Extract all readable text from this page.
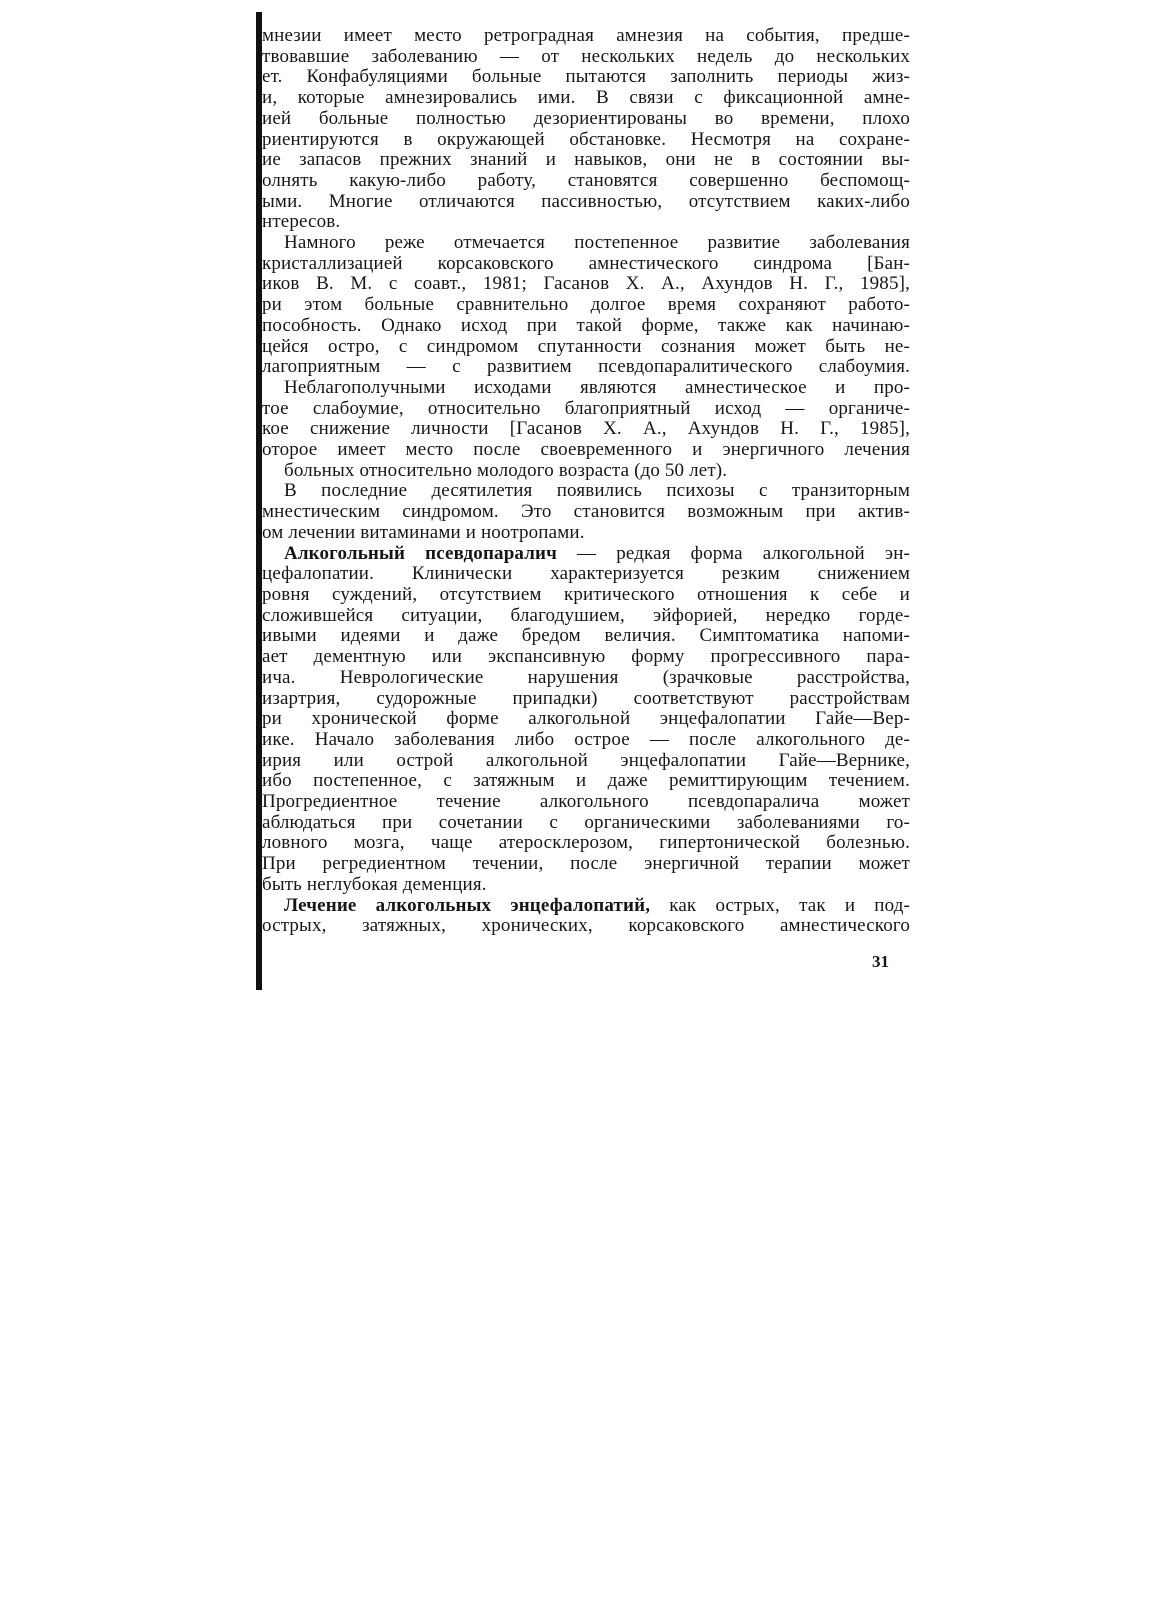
мнезии имеет место ретроградная амнезия на события, предше-
твовавшие заболеванию — от нескольких недель до нескольких
ет. Конфабуляциями больные пытаются заполнить периоды жиз-
и, которые амнезировались ими. В связи с фиксационной амне-
ией больные полностью дезориентированы во времени, плохо
риентируются в окружающей обстановке. Несмотря на сохране-
ие запасов прежних знаний и навыков, они не в состоянии вы-
олнять какую-либо работу, становятся совершенно беспомощ-
ыми. Многие отличаются пассивностью, отсутствием каких-либо
нтересов.
Намного реже отмечается постепенное развитие заболевания
кристаллизацией корсаковского амнестического синдрома [Бан-
иков В. М. с соавт., 1981; Гасанов Х. А., Ахундов Н. Г., 1985],
ри этом больные сравнительно долгое время сохраняют работо-
пособность. Однако исход при такой форме, также как начинаю-
цейся остро, с синдромом спутанности сознания может быть не-
лагоприятным — с развитием псевдопаралитического слабоумия.
Неблагополучными исходами являются амнестическое и про-
тое слабоумие, относительно благоприятный исход — органиче-
кое снижение личности [Гасанов Х. А., Ахундов Н. Г., 1985],
оторое имеет место после своевременного и энергичного лечения
больных относительно молодого возраста (до 50 лет).
В последние десятилетия появились психозы с транзиторным
мнестическим синдромом. Это становится возможным при актив-
ом лечении витаминами и ноотропами.
Алкогольный псевдопаралич — редкая форма алкогольной эн-
цефалопатии. Клинически характеризуется резким снижением
ровня суждений, отсутствием критического отношения к себе и
сложившейся ситуации, благодушием, эйфорией, нередко горде-
ивыми идеями и даже бредом величия. Симптоматика напоми-
ает дементную или экспансивную форму прогрессивного пара-
ича. Неврологические нарушения (зрачковые расстройства,
изартрия, судорожные припадки) соответствуют расстройствам
ри хронической форме алкогольной энцефалопатии Гайе—Вер-
ике. Начало заболевания либо острое — после алкогольного де-
ирия или острой алкогольной энцефалопатии Гайе—Вернике,
ибо постепенное, с затяжным и даже ремиттирующим течением.
Прогредиентное течение алкогольного псевдопаралича может
аблюдаться при сочетании с органическими заболеваниями го-
ловного мозга, чаще атеросклерозом, гипертонической болезнью.
При регредиентном течении, после энергичной терапии может
быть неглубокая деменция.
Лечение алкогольных энцефалопатий, как острых, так и под-
острых, затяжных, хронических, корсаковского амнестического
31
